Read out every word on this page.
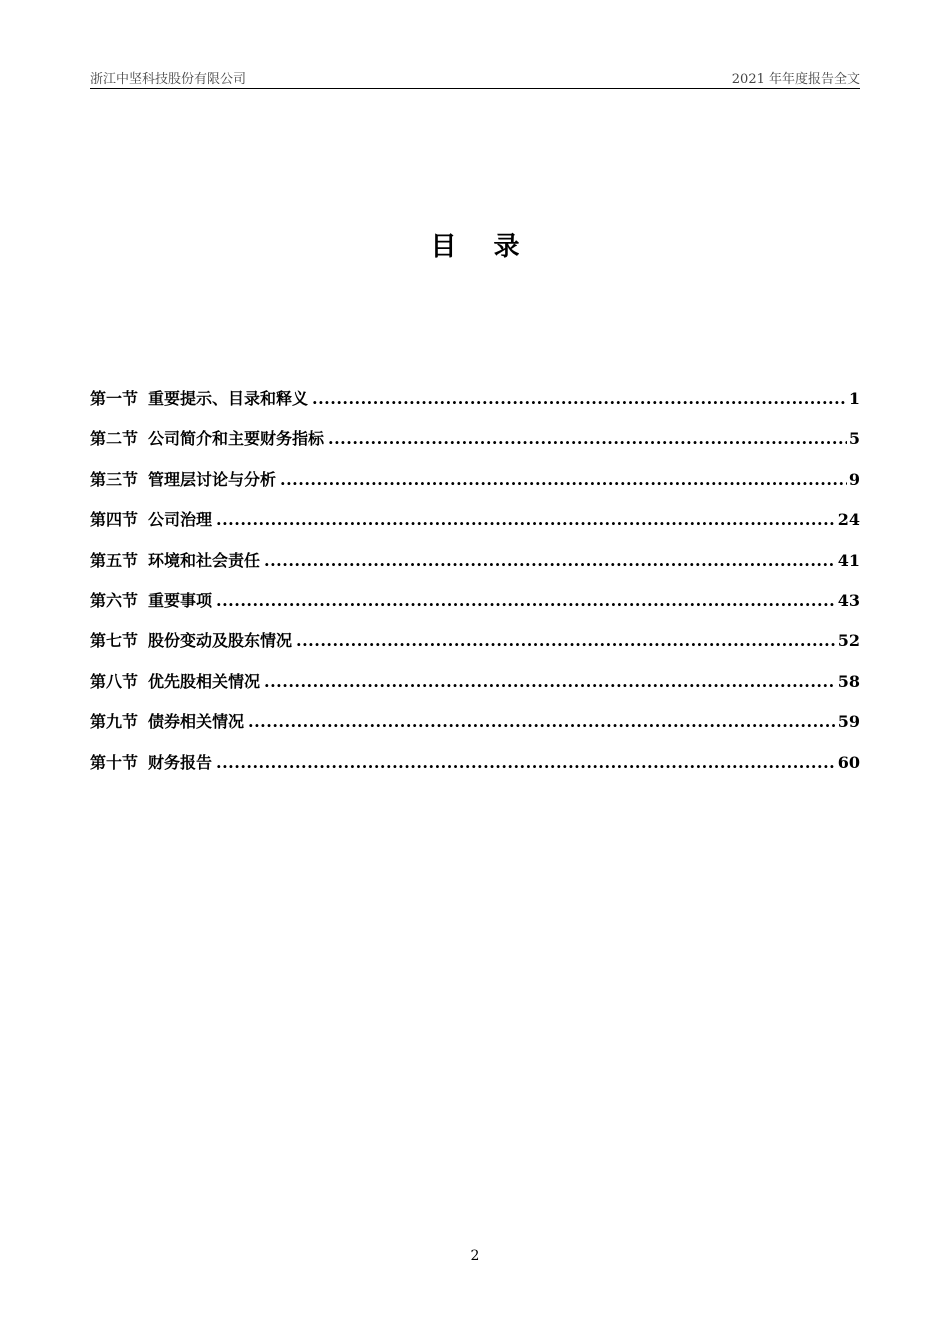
浙江中坚科技股份有限公司	2021 年年度报告全文
目 录
第一节 重要提示、目录和释义 .....	1
第二节 公司简介和主要财务指标 .....	5
第三节 管理层讨论与分析 .....	9
第四节 公司治理 .....	24
第五节 环境和社会责任 .....	41
第六节 重要事项 .....	43
第七节 股份变动及股东情况 .....	52
第八节 优先股相关情况 .....	58
第九节 债券相关情况 .....	59
第十节 财务报告 .....	60
2
